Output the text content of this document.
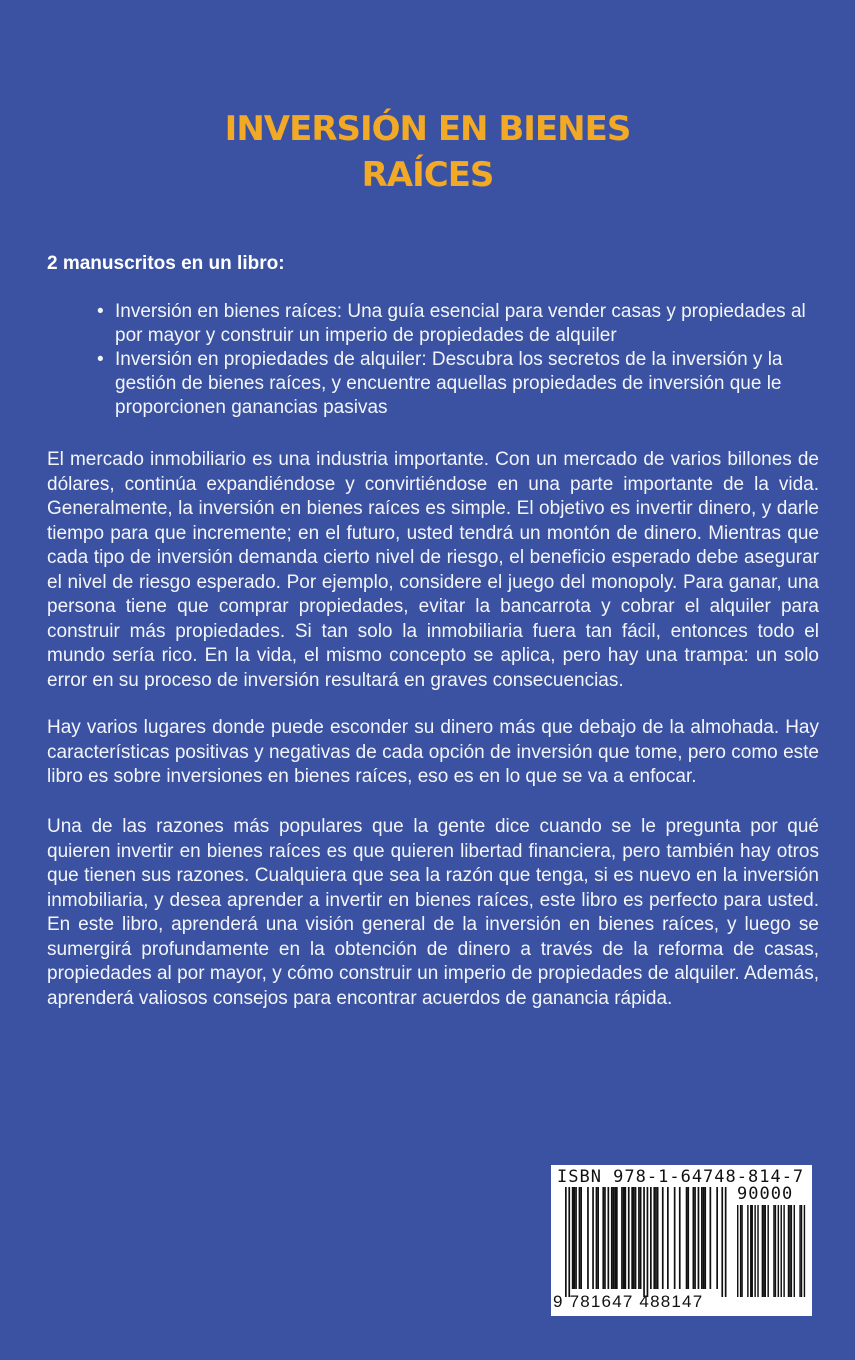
INVERSIÓN EN BIENES
RAÍCES

2 manuscritos en un libro:

• Inversión en bienes raíces: Una guía esencial para vender casas y propiedades al por mayor y construir un imperio de propiedades de alquiler
• Inversión en propiedades de alquiler: Descubra los secretos de la inversión y la gestión de bienes raíces, y encuentre aquellas propiedades de inversión que le proporcionen ganancias pasivas

El mercado inmobiliario es una industria importante. Con un mercado de varios billones de dólares, continúa expandiéndose y convirtiéndose en una parte importante de la vida. Generalmente, la inversión en bienes raíces es simple. El objetivo es invertir dinero, y darle tiempo para que incremente; en el futuro, usted tendrá un montón de dinero. Mientras que cada tipo de inversión demanda cierto nivel de riesgo, el beneficio esperado debe asegurar el nivel de riesgo esperado. Por ejemplo, considere el juego del monopoly. Para ganar, una persona tiene que comprar propiedades, evitar la bancarrota y cobrar el alquiler para construir más propiedades. Si tan solo la inmobiliaria fuera tan fácil, entonces todo el mundo sería rico. En la vida, el mismo concepto se aplica, pero hay una trampa: un solo error en su proceso de inversión resultará en graves consecuencias.

Hay varios lugares donde puede esconder su dinero más que debajo de la almohada. Hay características positivas y negativas de cada opción de inversión que tome, pero como este libro es sobre inversiones en bienes raíces, eso es en lo que se va a enfocar.

Una de las razones más populares que la gente dice cuando se le pregunta por qué quieren invertir en bienes raíces es que quieren libertad financiera, pero también hay otros que tienen sus razones. Cualquiera que sea la razón que tenga, si es nuevo en la inversión inmobiliaria, y desea aprender a invertir en bienes raíces, este libro es perfecto para usted. En este libro, aprenderá una visión general de la inversión en bienes raíces, y luego se sumergirá profundamente en la obtención de dinero a través de la reforma de casas, propiedades al por mayor, y cómo construir un imperio de propiedades de alquiler. Además, aprenderá valiosos consejos para encontrar acuerdos de ganancia rápida.

ISBN 978-1-64748-814-7
90000
9 781647 488147
